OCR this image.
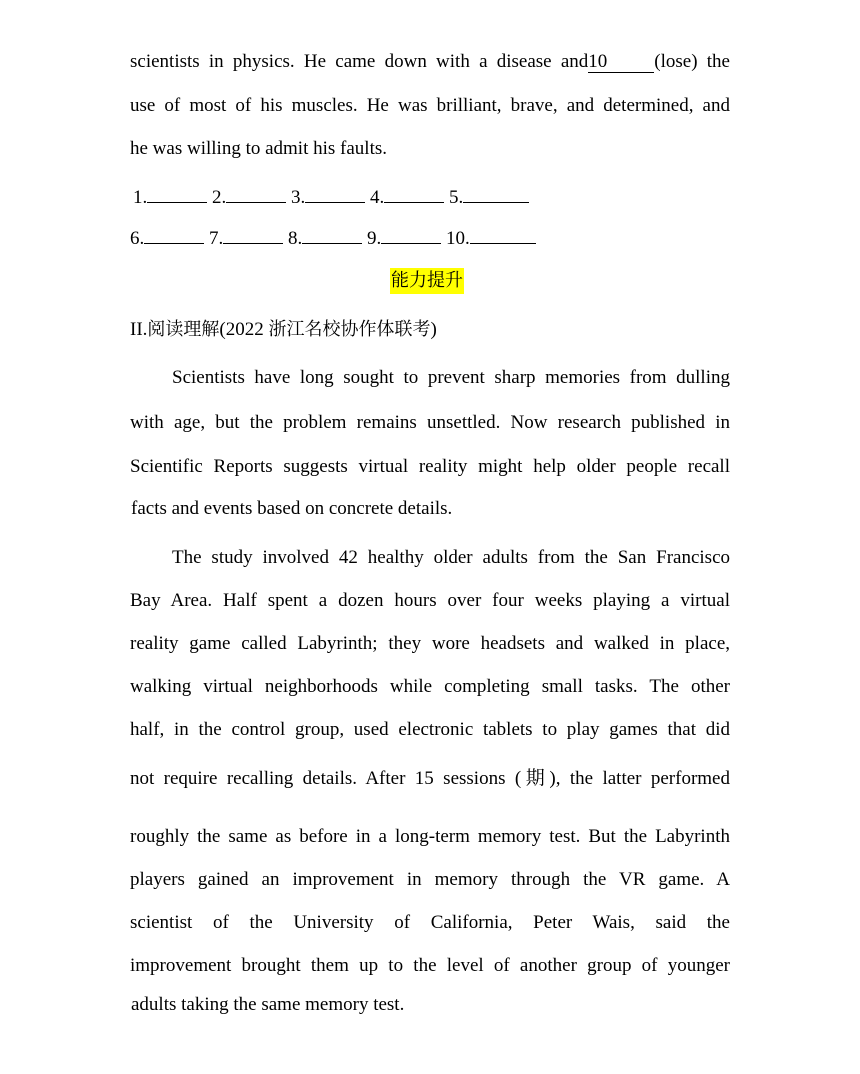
scientists in physics. He came down with a disease and10 (lose) the
use of most of his muscles. He was brilliant, brave, and determined, and
he was willing to admit his faults.
1.	2.	3.	4.	5.
6.	7.	8.	9.	10.
能力提升
II.阅读理解(2022 浙江名校协作体联考)
Scientists have long sought to prevent sharp memories from dulling
with age, but the problem remains unsettled. Now research published in
Scientific Reports suggests virtual reality might help older people recall
facts and events based on concrete details.
The study involved 42 healthy older adults from the San Francisco
Bay Area. Half spent a dozen hours over four weeks playing a virtual
reality game called Labyrinth; they wore headsets and walked in place,
walking virtual neighborhoods while completing small tasks. The other
half, in the control group, used electronic tablets to play games that did
not require recalling details. After 15 sessions (期), the latter performed
roughly the same as before in a long-term memory test. But the Labyrinth
players gained an improvement in memory through the VR game. A
scientist of the University of California, Peter Wais, said the
improvement brought them up to the level of another group of younger
adults taking the same memory test.
